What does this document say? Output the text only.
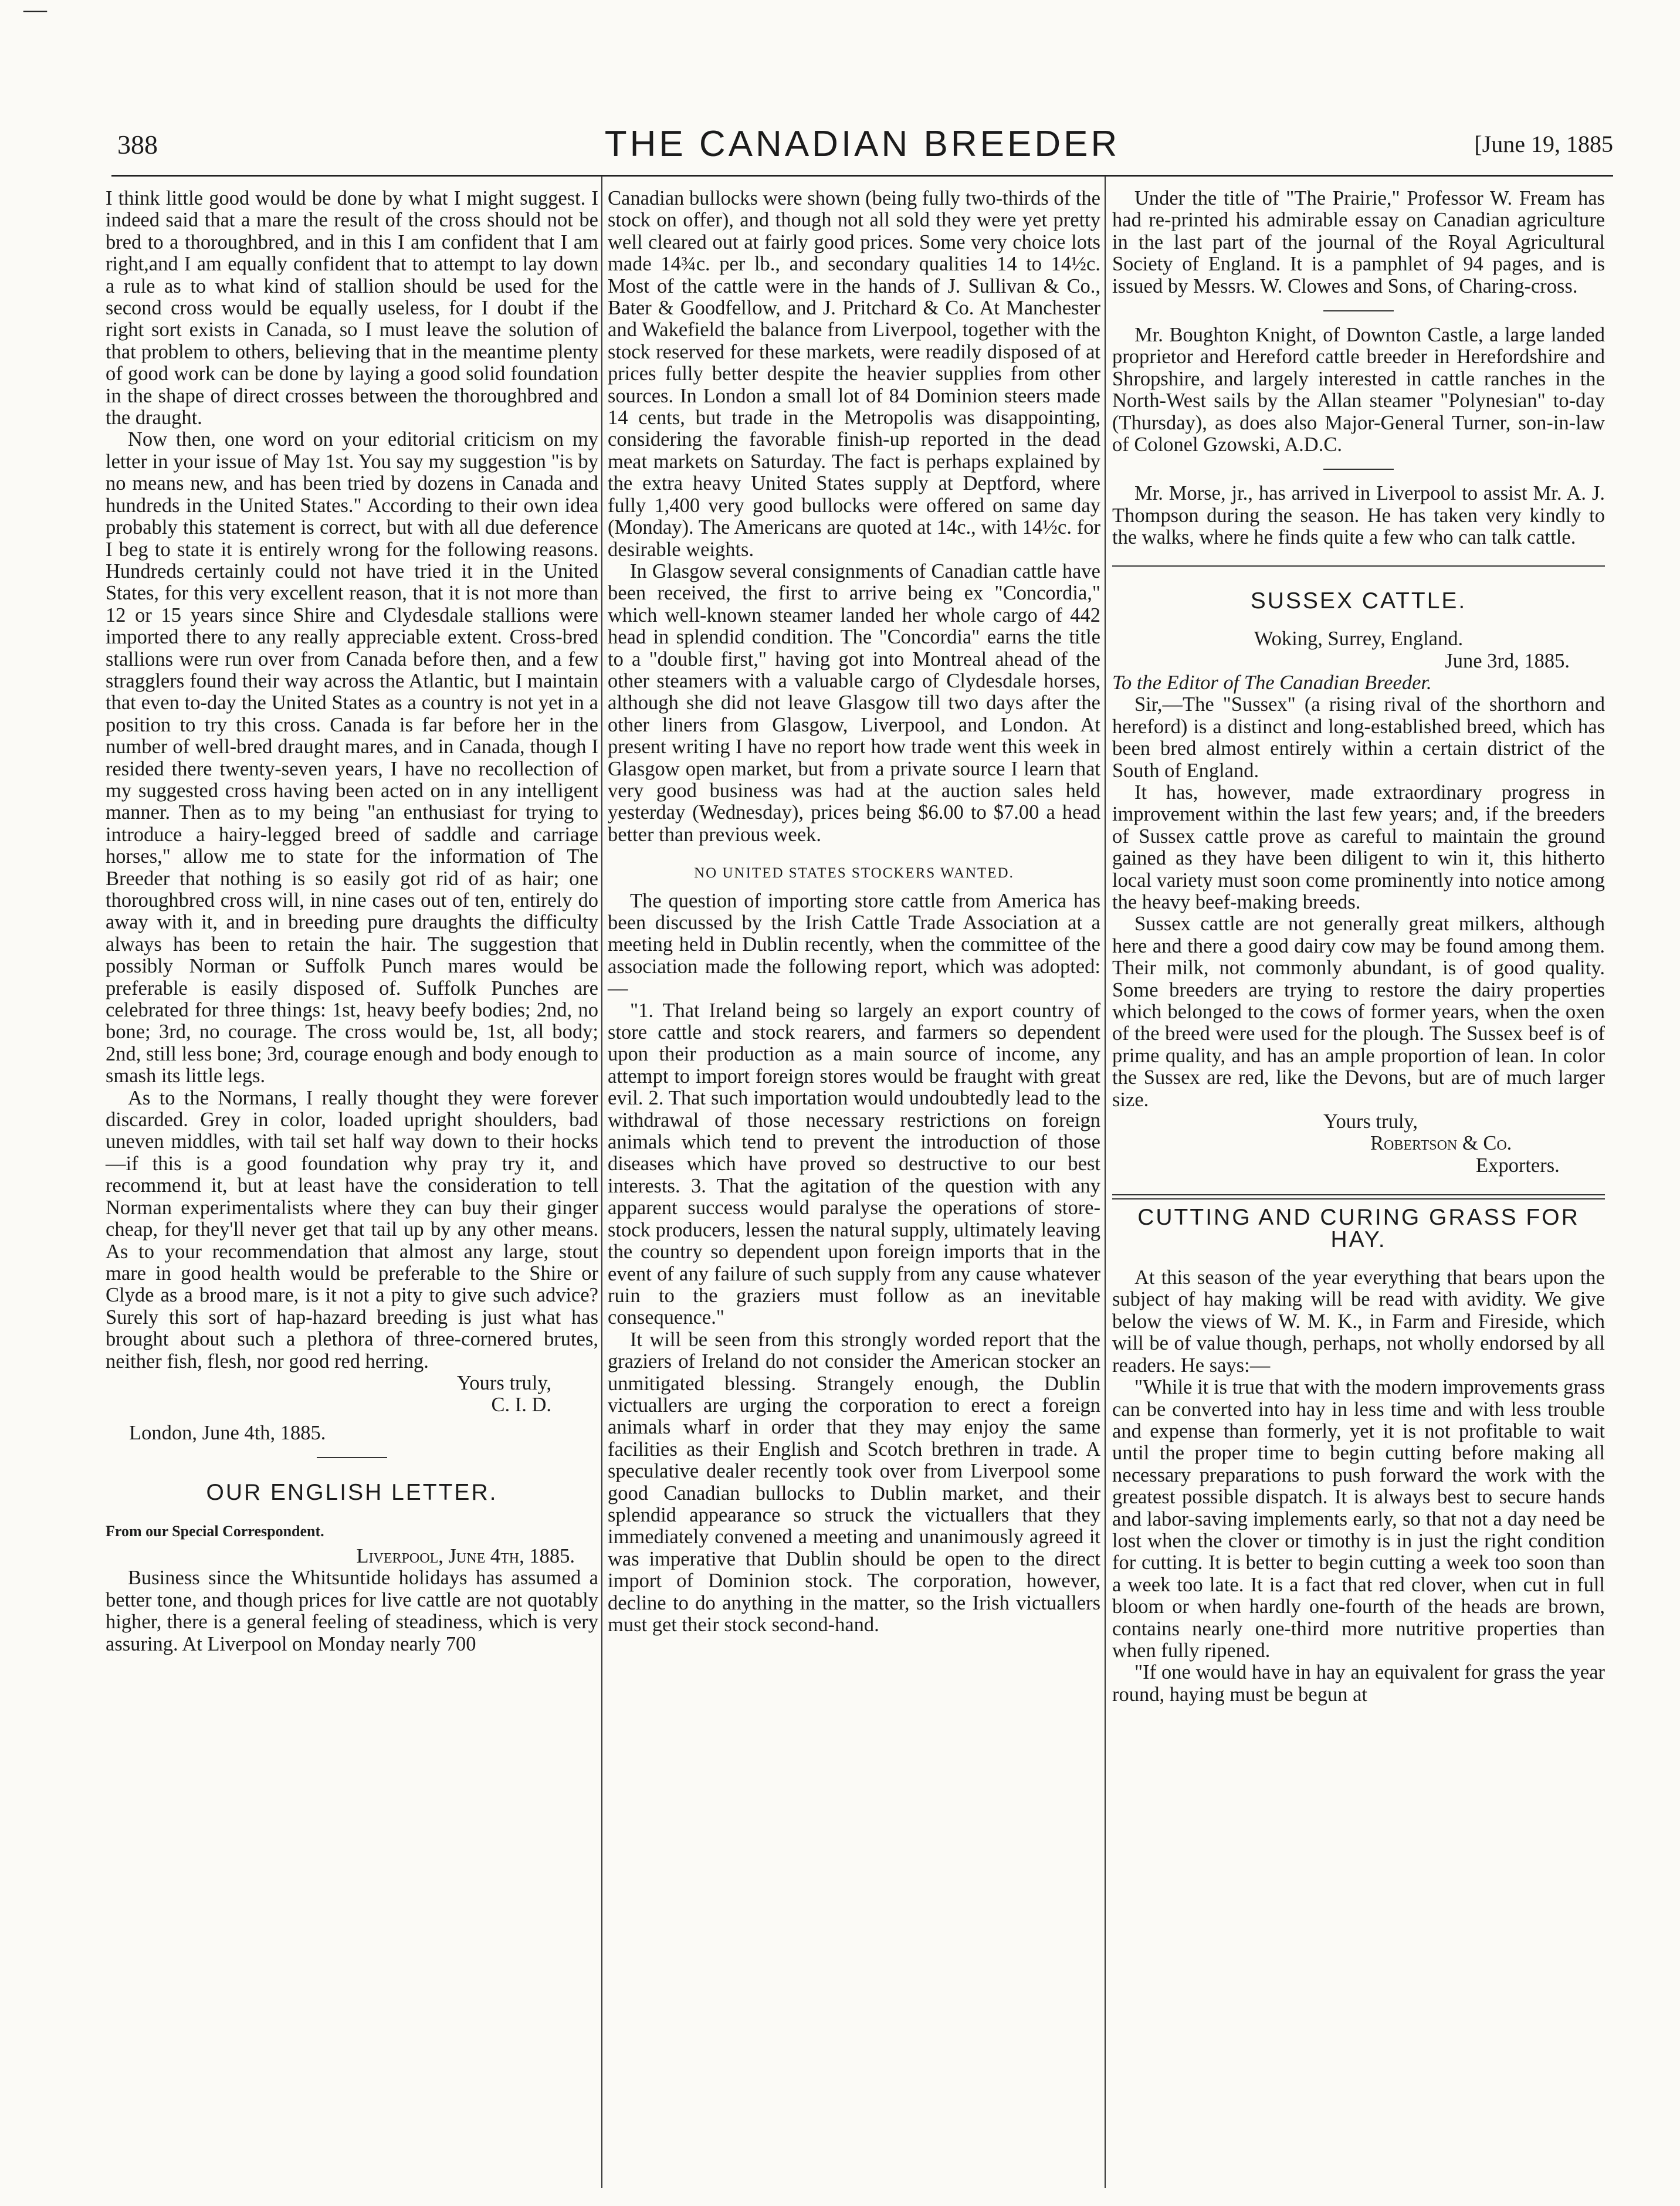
—
388	THE CANADIAN BREEDER	[June 19, 1885

I think little good would be done by what I might suggest. I indeed said that a mare the result of the cross should not be bred to a thoroughbred, and in this I am confident that I am right,and I am equally confident that to attempt to lay down a rule as to what kind of stallion should be used for the second cross would be equally useless, for I doubt if the right sort exists in Canada, so I must leave the solution of that problem to others, believing that in the meantime plenty of good work can be done by laying a good solid foundation in the shape of direct crosses between the thoroughbred and the draught.

Now then, one word on your editorial criticism on my letter in your issue of May 1st. You say my suggestion "is by no means new, and has been tried by dozens in Canada and hundreds in the United States." According to their own idea probably this statement is correct, but with all due deference I beg to state it is entirely wrong for the following reasons. Hundreds certainly could not have tried it in the United States, for this very excellent reason, that it is not more than 12 or 15 years since Shire and Clydesdale stallions were imported there to any really appreciable extent. Cross-bred stallions were run over from Canada before then, and a few stragglers found their way across the Atlantic, but I maintain that even to-day the United States as a country is not yet in a position to try this cross. Canada is far before her in the number of well-bred draught mares, and in Canada, though I resided there twenty-seven years, I have no recollection of my suggested cross having been acted on in any intelligent manner. Then as to my being "an enthusiast for trying to introduce a hairy-legged breed of saddle and carriage horses," allow me to state for the information of The Breeder that nothing is so easily got rid of as hair; one thoroughbred cross will, in nine cases out of ten, entirely do away with it, and in breeding pure draughts the difficulty always has been to retain the hair. The suggestion that possibly Norman or Suffolk Punch mares would be preferable is easily disposed of. Suffolk Punches are celebrated for three things: 1st, heavy beefy bodies; 2nd, no bone; 3rd, no courage. The cross would be, 1st, all body; 2nd, still less bone; 3rd, courage enough and body enough to smash its little legs.

As to the Normans, I really thought they were forever discarded. Grey in color, loaded upright shoulders, bad uneven middles, with tail set half way down to their hocks—if this is a good foundation why pray try it, and recommend it, but at least have the consideration to tell Norman experimentalists where they can buy their ginger cheap, for they'll never get that tail up by any other means. As to your recommendation that almost any large, stout mare in good health would be preferable to the Shire or Clyde as a brood mare, is it not a pity to give such advice? Surely this sort of hap-hazard breeding is just what has brought about such a plethora of three-cornered brutes, neither fish, flesh, nor good red herring.

Yours truly,
C. I. D.
London, June 4th, 1885.
OUR ENGLISH LETTER.
From our Special Correspondent.
Liverpool, June 4th, 1885.

Business since the Whitsuntide holidays has assumed a better tone, and though prices for live cattle are not quotably higher, there is a general feeling of steadiness, which is very assuring. At Liverpool on Monday nearly 700

Canadian bullocks were shown (being fully two-thirds of the stock on offer), and though not all sold they were yet pretty well cleared out at fairly good prices. Some very choice lots made 14¾c. per lb., and secondary qualities 14 to 14½c. Most of the cattle were in the hands of J. Sullivan & Co., Bater & Goodfellow, and J. Pritchard & Co. At Manchester and Wakefield the balance from Liverpool, together with the stock reserved for these markets, were readily disposed of at prices fully better despite the heavier supplies from other sources. In London a small lot of 84 Dominion steers made 14 cents, but trade in the Metropolis was disappointing, considering the favorable finish-up reported in the dead meat markets on Saturday. The fact is perhaps explained by the extra heavy United States supply at Deptford, where fully 1,400 very good bullocks were offered on same day (Monday). The Americans are quoted at 14c., with 14½c. for desirable weights.

In Glasgow several consignments of Canadian cattle have been received, the first to arrive being ex "Concordia," which well-known steamer landed her whole cargo of 442 head in splendid condition. The "Concordia" earns the title to a "double first," having got into Montreal ahead of the other steamers with a valuable cargo of Clydesdale horses, although she did not leave Glasgow till two days after the other liners from Glasgow, Liverpool, and London. At present writing I have no report how trade went this week in Glasgow open market, but from a private source I learn that very good business was had at the auction sales held yesterday (Wednesday), prices being $6.00 to $7.00 a head better than previous week.

NO UNITED STATES STOCKERS WANTED.

The question of importing store cattle from America has been discussed by the Irish Cattle Trade Association at a meeting held in Dublin recently, when the committee of the association made the following report, which was adopted:—

"1. That Ireland being so largely an export country of store cattle and stock rearers, and farmers so dependent upon their production as a main source of income, any attempt to import foreign stores would be fraught with great evil. 2. That such importation would undoubtedly lead to the withdrawal of those necessary restrictions on foreign animals which tend to prevent the introduction of those diseases which have proved so destructive to our best interests. 3. That the agitation of the question with any apparent success would paralyse the operations of store-stock producers, lessen the natural supply, ultimately leaving the country so dependent upon foreign imports that in the event of any failure of such supply from any cause whatever ruin to the graziers must follow as an inevitable consequence."

It will be seen from this strongly worded report that the graziers of Ireland do not consider the American stocker an unmitigated blessing. Strangely enough, the Dublin victuallers are urging the corporation to erect a foreign animals wharf in order that they may enjoy the same facilities as their English and Scotch brethren in trade. A speculative dealer recently took over from Liverpool some good Canadian bullocks to Dublin market, and their splendid appearance so struck the victuallers that they immediately convened a meeting and unanimously agreed it was imperative that Dublin should be open to the direct import of Dominion stock. The corporation, however, decline to do anything in the matter, so the Irish victuallers must get their stock second-hand.

Under the title of "The Prairie," Professor W. Fream has had re-printed his admirable essay on Canadian agriculture in the last part of the journal of the Royal Agricultural Society of England. It is a pamphlet of 94 pages, and is issued by Messrs. W. Clowes and Sons, of Charing-cross.

Mr. Boughton Knight, of Downton Castle, a large landed proprietor and Hereford cattle breeder in Herefordshire and Shropshire, and largely interested in cattle ranches in the North-West sails by the Allan steamer "Polynesian" to-day (Thursday), as does also Major-General Turner, son-in-law of Colonel Gzowski, A.D.C.

Mr. Morse, jr., has arrived in Liverpool to assist Mr. A. J. Thompson during the season. He has taken very kindly to the walks, where he finds quite a few who can talk cattle.

SUSSEX CATTLE.
Woking, Surrey, England.
June 3rd, 1885.
To the Editor of The Canadian Breeder.

Sir,—The "Sussex" (a rising rival of the shorthorn and hereford) is a distinct and long-established breed, which has been bred almost entirely within a certain district of the South of England.

It has, however, made extraordinary progress in improvement within the last few years; and, if the breeders of Sussex cattle prove as careful to maintain the ground gained as they have been diligent to win it, this hitherto local variety must soon come prominently into notice among the heavy beef-making breeds.

Sussex cattle are not generally great milkers, although here and there a good dairy cow may be found among them. Their milk, not commonly abundant, is of good quality. Some breeders are trying to restore the dairy properties which belonged to the cows of former years, when the oxen of the breed were used for the plough. The Sussex beef is of prime quality, and has an ample proportion of lean. In color the Sussex are red, like the Devons, but are of much larger size.

Yours truly,
Robertson & Co.
Exporters.
CUTTING AND CURING GRASS FOR HAY.

At this season of the year everything that bears upon the subject of hay making will be read with avidity. We give below the views of W. M. K., in Farm and Fireside, which will be of value though, perhaps, not wholly endorsed by all readers. He says:—

"While it is true that with the modern improvements grass can be converted into hay in less time and with less trouble and expense than formerly, yet it is not profitable to wait until the proper time to begin cutting before making all necessary preparations to push forward the work with the greatest possible dispatch. It is always best to secure hands and labor-saving implements early, so that not a day need be lost when the clover or timothy is in just the right condition for cutting. It is better to begin cutting a week too soon than a week too late. It is a fact that red clover, when cut in full bloom or when hardly one-fourth of the heads are brown, contains nearly one-third more nutritive properties than when fully ripened.

"If one would have in hay an equivalent for grass the year round, haying must be begun at
